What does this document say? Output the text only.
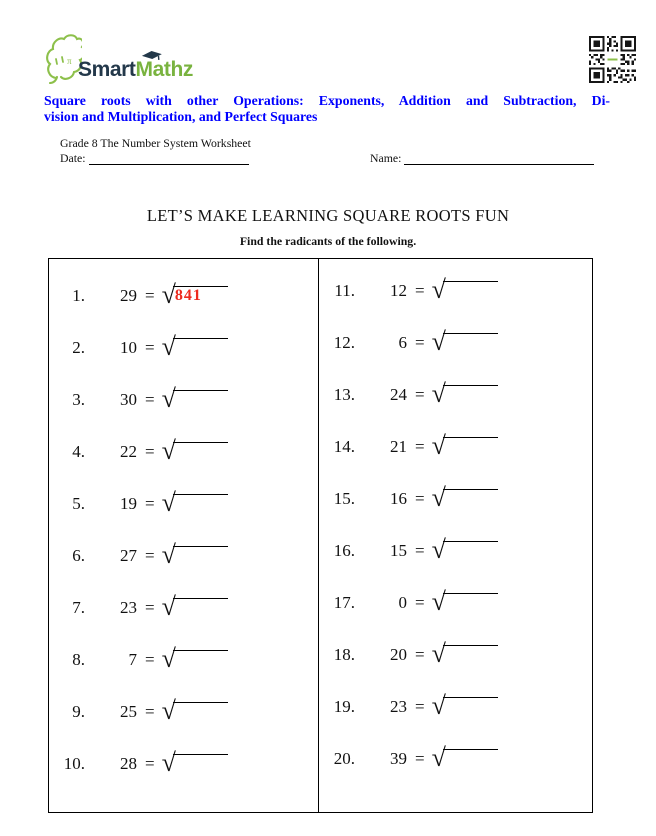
π SmartMathz
Square roots with other Operations: Exponents, Addition and Subtraction, Di-
vision and Multiplication, and Perfect Squares
Grade 8 The Number System Worksheet
Date:	Name:
LET’S MAKE LEARNING SQUARE ROOTS FUN
Find the radicants of the following.
1.	29 = √ 841
2.	10 = √
3.	30 = √
4.	22 = √
5.	19 = √
6.	27 = √
7.	23 = √
8.	7 = √
9.	25 = √
10.	28 = √
11.	12 = √
12.	6 = √
13.	24 = √
14.	21 = √
15.	16 = √
16.	15 = √
17.	0 = √
18.	20 = √
19.	23 = √
20.	39 = √
